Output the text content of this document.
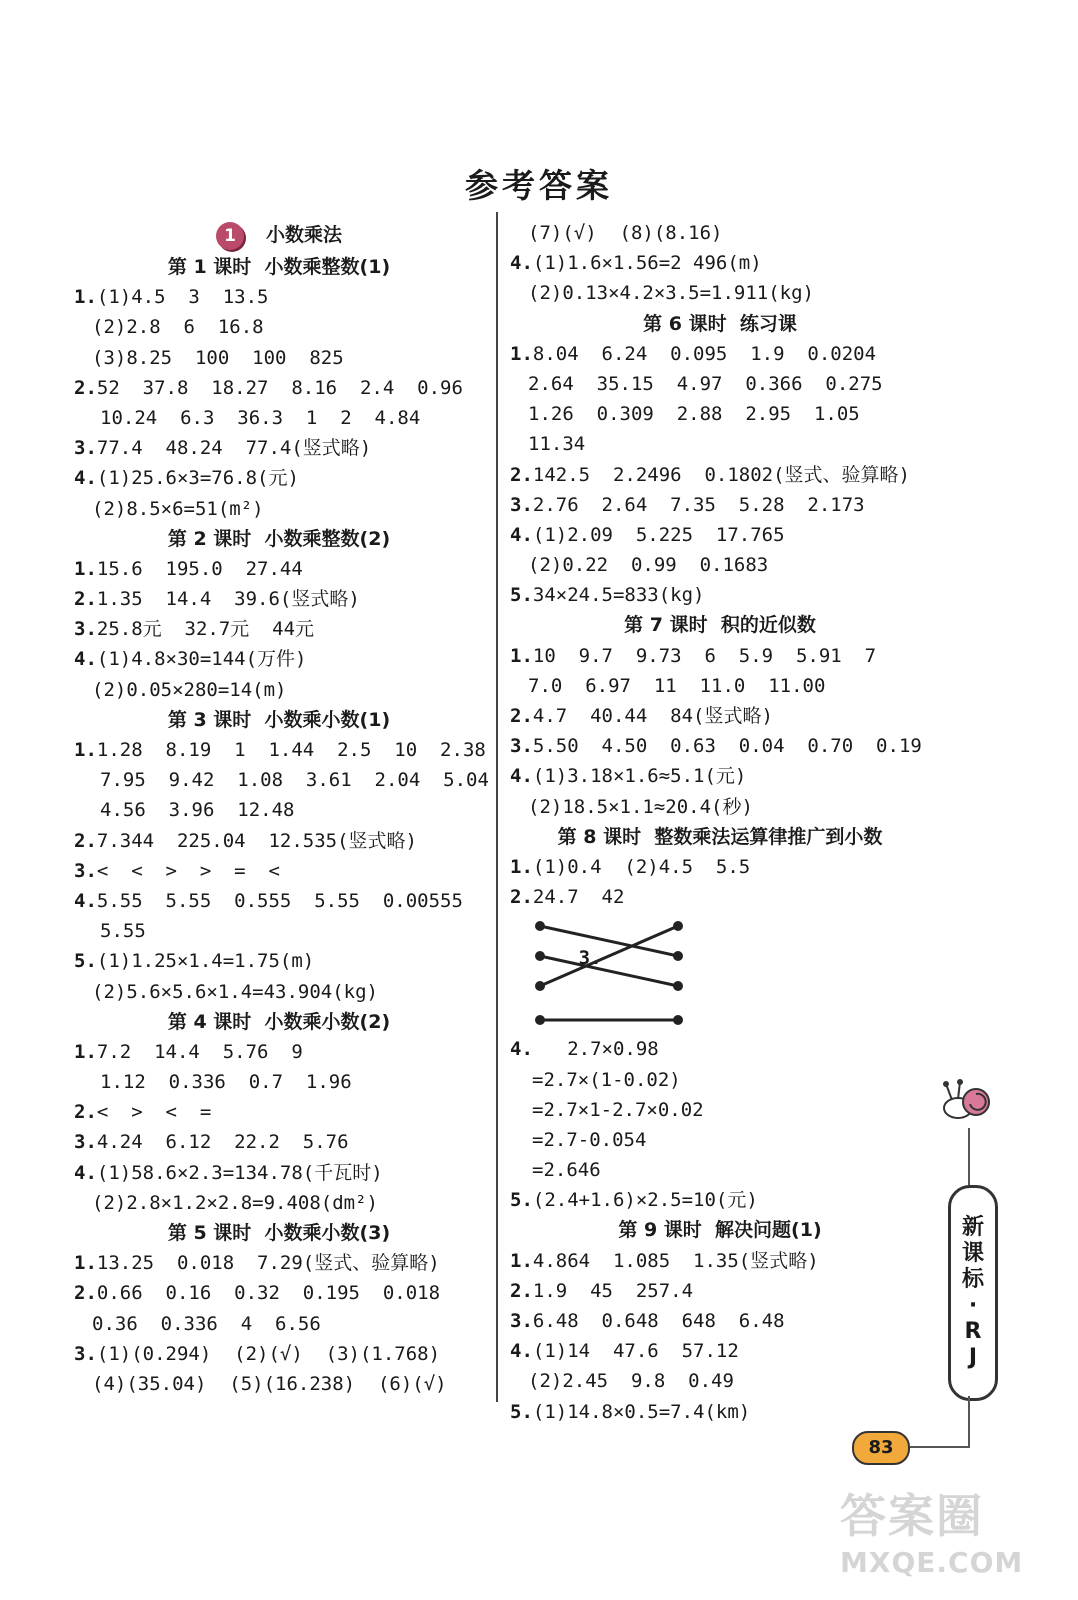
参考答案
1 小数乘法
第 1 课时  小数乘整数(1)
1.(1)4.5  3  13.5
(2)2.8  6  16.8
(3)8.25  100  100  825
2.52  37.8  18.27  8.16  2.4  0.96
10.24  6.3  36.3  1  2  4.84
3.77.4  48.24  77.4(竖式略)
4.(1)25.6×3=76.8(元)
(2)8.5×6=51(m²)
第 2 课时  小数乘整数(2)
1.15.6  195.0  27.44
2.1.35  14.4  39.6(竖式略)
3.25.8元  32.7元  44元
4.(1)4.8×30=144(万件)
(2)0.05×280=14(m)
第 3 课时  小数乘小数(1)
1.1.28  8.19  1  1.44  2.5  10  2.38
7.95  9.42  1.08  3.61  2.04  5.04
4.56  3.96  12.48
2.7.344  225.04  12.535(竖式略)
3.<  <  >  >  =  <
4.5.55  5.55  0.555  5.55  0.00555
5.55
5.(1)1.25×1.4=1.75(m)
(2)5.6×5.6×1.4=43.904(kg)
第 4 课时  小数乘小数(2)
1.7.2  14.4  5.76  9
1.12  0.336  0.7  1.96
2.<  >  <  =
3.4.24  6.12  22.2  5.76
4.(1)58.6×2.3=134.78(千瓦时)
(2)2.8×1.2×2.8=9.408(dm²)
第 5 课时  小数乘小数(3)
1.13.25  0.018  7.29(竖式、验算略)
2.0.66  0.16  0.32  0.195  0.018
0.36  0.336  4  6.56
3.(1)(0.294)  (2)(√)  (3)(1.768)
(4)(35.04)  (5)(16.238)  (6)(√)
(7)(√)  (8)(8.16)
4.(1)1.6×1.56=2 496(m)
(2)0.13×4.2×3.5=1.911(kg)
第 6 课时  练习课
1.8.04  6.24  0.095  1.9  0.0204
2.64  35.15  4.97  0.366  0.275
1.26  0.309  2.88  2.95  1.05
11.34
2.142.5  2.2496  0.1802(竖式、验算略)
3.2.76  2.64  7.35  5.28  2.173
4.(1)2.09  5.225  17.765
(2)0.22  0.99  0.1683
5.34×24.5=833(kg)
第 7 课时  积的近似数
1.10  9.7  9.73  6  5.9  5.91  7
7.0  6.97  11  11.0  11.00
2.4.7  40.44  84(竖式略)
3.5.50  4.50  0.63  0.04  0.70  0.19
4.(1)3.18×1.6≈5.1(元)
(2)18.5×1.1≈20.4(秒)
第 8 课时  整数乘法运算律推广到小数
1.(1)0.4  (2)4.5  5.5
2.24.7  42

3.

4. 2.7×0.98
=2.7×(1-0.02)
=2.7×1-2.7×0.02
=2.7-0.054
=2.646
5.(2.4+1.6)×2.5=10(元)
第 9 课时  解决问题(1)
1.4.864  1.085  1.35(竖式略)
2.1.9  45  257.4
3.6.48  0.648  648  6.48
4.(1)14  47.6  57.12
(2)2.45  9.8  0.49
5.(1)14.8×0.5=7.4(km)
新
课
标
·
R
J
83
答案圈
MXQE.COM
